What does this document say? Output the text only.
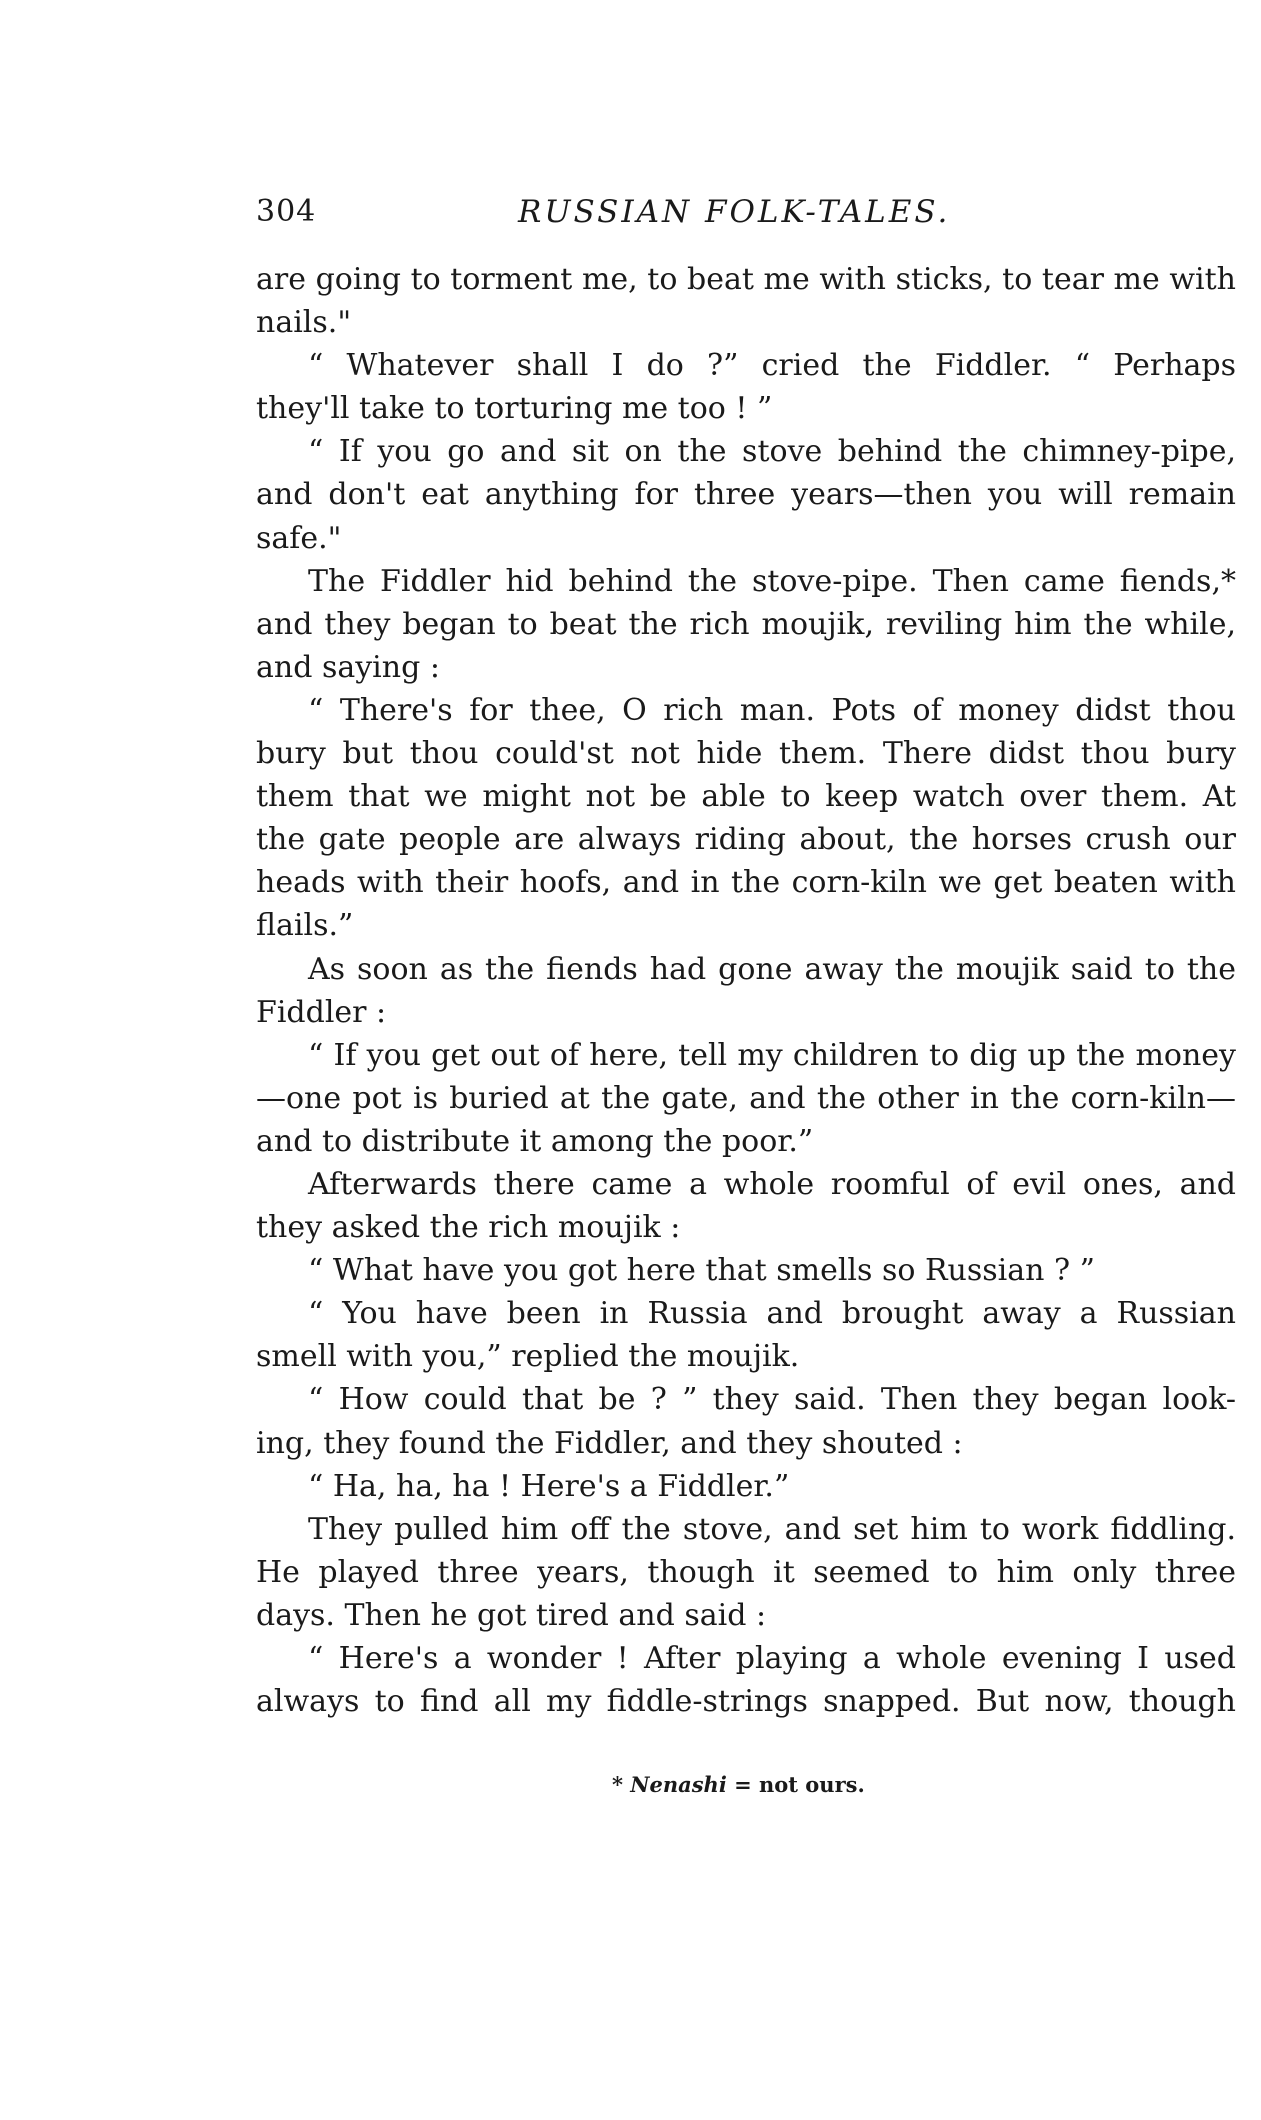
304	RUSSIAN FOLK-TALES.
are going to torment me, to beat me with sticks, to tear me with
nails."
“ Whatever shall I do ?” cried the Fiddler. “ Perhaps
they'll take to torturing me too ! ”
“ If you go and sit on the stove behind the chimney-pipe,
and don't eat anything for three years—then you will remain
safe."
The Fiddler hid behind the stove-pipe. Then came fiends,*
and they began to beat the rich moujik, reviling him the while,
and saying :
“ There's for thee, O rich man. Pots of money didst thou
bury but thou could'st not hide them. There didst thou bury
them that we might not be able to keep watch over them. At
the gate people are always riding about, the horses crush our
heads with their hoofs, and in the corn-kiln we get beaten with
flails.”
As soon as the fiends had gone away the moujik said to the
Fiddler :
“ If you get out of here, tell my children to dig up the money
—one pot is buried at the gate, and the other in the corn-kiln—
and to distribute it among the poor.”
Afterwards there came a whole roomful of evil ones, and
they asked the rich moujik :
“ What have you got here that smells so Russian ? ”
“ You have been in Russia and brought away a Russian
smell with you,” replied the moujik.
“ How could that be ? ” they said. Then they began look-
ing, they found the Fiddler, and they shouted :
“ Ha, ha, ha ! Here's a Fiddler.”
They pulled him off the stove, and set him to work fiddling.
He played three years, though it seemed to him only three
days. Then he got tired and said :
“ Here's a wonder ! After playing a whole evening I used
always to find all my fiddle-strings snapped. But now, though
* Nenashi = not ours.
